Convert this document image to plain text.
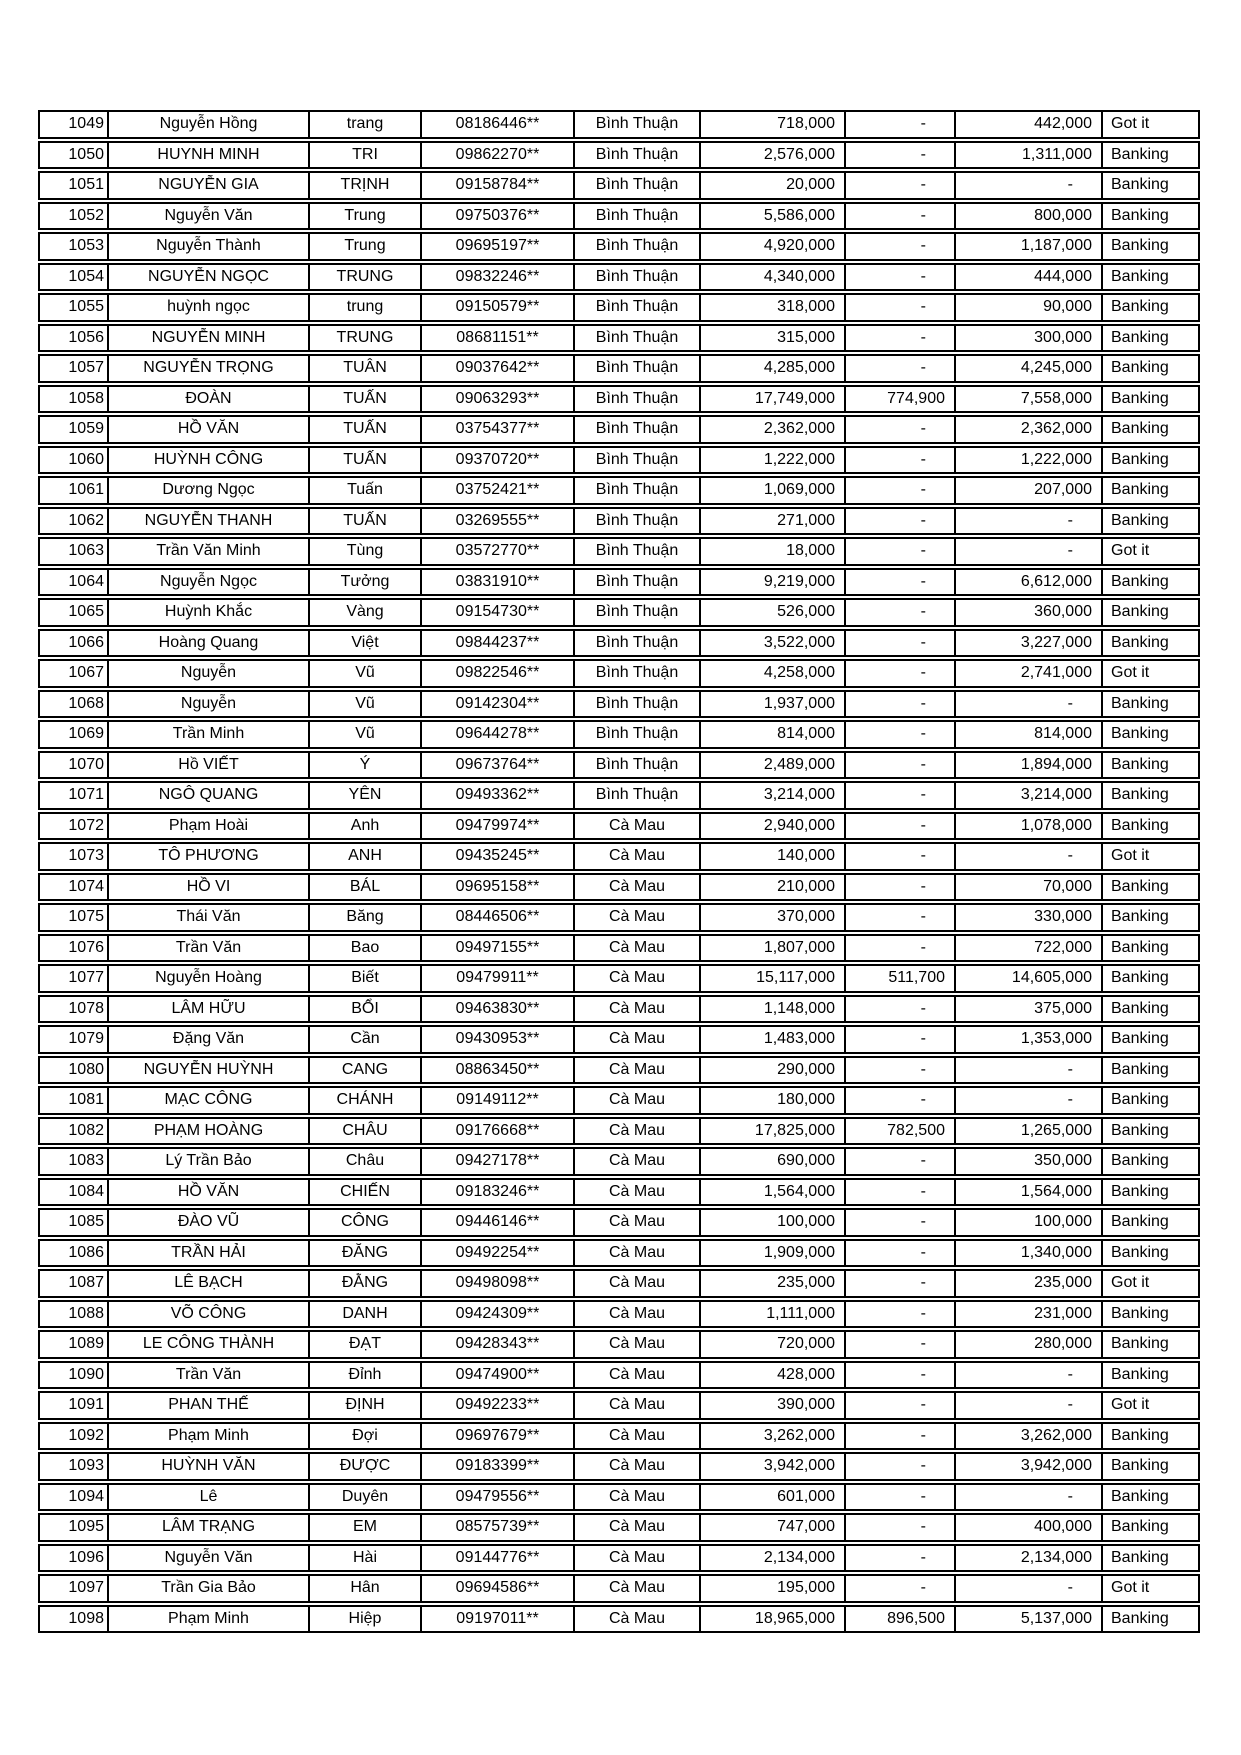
1049	Nguyễn Hồng	trang	08186446**	Bình Thuận	718,000	-	442,000	Got it
1050	HUYNH MINH	TRI	09862270**	Bình Thuận	2,576,000	-	1,311,000	Banking
1051	NGUYỄN GIA	TRỊNH	09158784**	Bình Thuận	20,000	-	-	Banking
1052	Nguyễn Văn	Trung	09750376**	Bình Thuận	5,586,000	-	800,000	Banking
1053	Nguyễn Thành	Trung	09695197**	Bình Thuận	4,920,000	-	1,187,000	Banking
1054	NGUYỄN NGỌC	TRUNG	09832246**	Bình Thuận	4,340,000	-	444,000	Banking
1055	huỳnh ngọc	trung	09150579**	Bình Thuận	318,000	-	90,000	Banking
1056	NGUYỄN MINH	TRUNG	08681151**	Bình Thuận	315,000	-	300,000	Banking
1057	NGUYỄN TRỌNG	TUÂN	09037642**	Bình Thuận	4,285,000	-	4,245,000	Banking
1058	ĐOÀN	TUẤN	09063293**	Bình Thuận	17,749,000	774,900	7,558,000	Banking
1059	HỒ VĂN	TUẤN	03754377**	Bình Thuận	2,362,000	-	2,362,000	Banking
1060	HUỲNH CÔNG	TUẤN	09370720**	Bình Thuận	1,222,000	-	1,222,000	Banking
1061	Dương Ngọc	Tuấn	03752421**	Bình Thuận	1,069,000	-	207,000	Banking
1062	NGUYỄN THANH	TUẤN	03269555**	Bình Thuận	271,000	-	-	Banking
1063	Trần Văn Minh	Tùng	03572770**	Bình Thuận	18,000	-	-	Got it
1064	Nguyễn Ngọc	Tưởng	03831910**	Bình Thuận	9,219,000	-	6,612,000	Banking
1065	Huỳnh Khắc	Vàng	09154730**	Bình Thuận	526,000	-	360,000	Banking
1066	Hoàng Quang	Việt	09844237**	Bình Thuận	3,522,000	-	3,227,000	Banking
1067	Nguyễn	Vũ	09822546**	Bình Thuận	4,258,000	-	2,741,000	Got it
1068	Nguyễn	Vũ	09142304**	Bình Thuận	1,937,000	-	-	Banking
1069	Trần Minh	Vũ	09644278**	Bình Thuận	814,000	-	814,000	Banking
1070	Hồ VIẾT	Ý	09673764**	Bình Thuận	2,489,000	-	1,894,000	Banking
1071	NGÔ QUANG	YÊN	09493362**	Bình Thuận	3,214,000	-	3,214,000	Banking
1072	Phạm Hoài	Anh	09479974**	Cà Mau	2,940,000	-	1,078,000	Banking
1073	TÔ PHƯƠNG	ANH	09435245**	Cà Mau	140,000	-	-	Got it
1074	HỒ VI	BÁL	09695158**	Cà Mau	210,000	-	70,000	Banking
1075	Thái Văn	Băng	08446506**	Cà Mau	370,000	-	330,000	Banking
1076	Trần Văn	Bao	09497155**	Cà Mau	1,807,000	-	722,000	Banking
1077	Nguyễn Hoàng	Biết	09479911**	Cà Mau	15,117,000	511,700	14,605,000	Banking
1078	LÂM HỮU	BỔI	09463830**	Cà Mau	1,148,000	-	375,000	Banking
1079	Đặng Văn	Cần	09430953**	Cà Mau	1,483,000	-	1,353,000	Banking
1080	NGUYỄN HUỲNH	CANG	08863450**	Cà Mau	290,000	-	-	Banking
1081	MẠC CÔNG	CHÁNH	09149112**	Cà Mau	180,000	-	-	Banking
1082	PHẠM HOÀNG	CHÂU	09176668**	Cà Mau	17,825,000	782,500	1,265,000	Banking
1083	Lý Trần Bảo	Châu	09427178**	Cà Mau	690,000	-	350,000	Banking
1084	HỒ VĂN	CHIẾN	09183246**	Cà Mau	1,564,000	-	1,564,000	Banking
1085	ĐÀO VŨ	CÔNG	09446146**	Cà Mau	100,000	-	100,000	Banking
1086	TRẦN HẢI	ĐĂNG	09492254**	Cà Mau	1,909,000	-	1,340,000	Banking
1087	LÊ BẠCH	ĐẰNG	09498098**	Cà Mau	235,000	-	235,000	Got it
1088	VÕ CÔNG	DANH	09424309**	Cà Mau	1,111,000	-	231,000	Banking
1089	LE CÔNG THÀNH	ĐẠT	09428343**	Cà Mau	720,000	-	280,000	Banking
1090	Trần Văn	Đỉnh	09474900**	Cà Mau	428,000	-	-	Banking
1091	PHAN THẾ	ĐỊNH	09492233**	Cà Mau	390,000	-	-	Got it
1092	Phạm Minh	Đợi	09697679**	Cà Mau	3,262,000	-	3,262,000	Banking
1093	HUỲNH VĂN	ĐƯỢC	09183399**	Cà Mau	3,942,000	-	3,942,000	Banking
1094	Lê	Duyên	09479556**	Cà Mau	601,000	-	-	Banking
1095	LÂM TRẠNG	EM	08575739**	Cà Mau	747,000	-	400,000	Banking
1096	Nguyễn Văn	Hài	09144776**	Cà Mau	2,134,000	-	2,134,000	Banking
1097	Trần Gia Bảo	Hân	09694586**	Cà Mau	195,000	-	-	Got it
1098	Phạm Minh	Hiệp	09197011**	Cà Mau	18,965,000	896,500	5,137,000	Banking
